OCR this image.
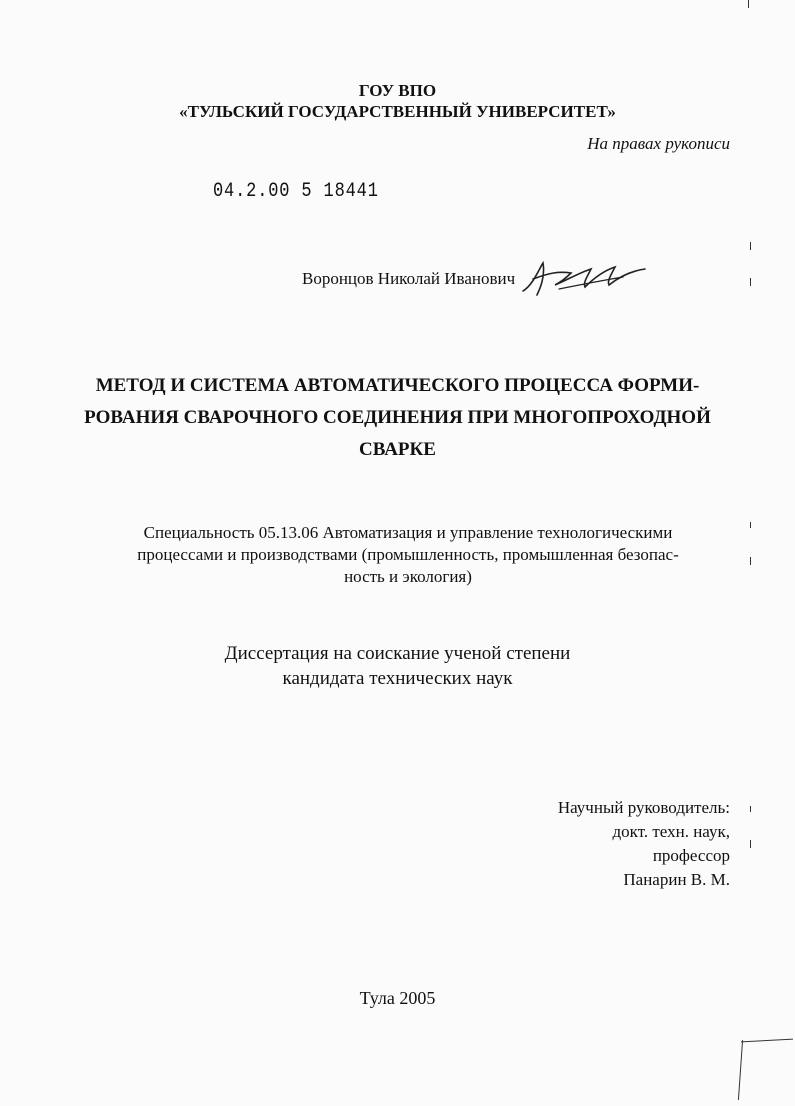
ГОУ ВПО
«ТУЛЬСКИЙ ГОСУДАРСТВЕННЫЙ УНИВЕРСИТЕТ»
На правах рукописи
04.2.00 5 18441
Воронцов Николай Иванович
МЕТОД И СИСТЕМА АВТОМАТИЧЕСКОГО ПРОЦЕССА ФОРМИ-
РОВАНИЯ СВАРОЧНОГО СОЕДИНЕНИЯ ПРИ МНОГОПРОХОДНОЙ
СВАРКЕ
Специальность 05.13.06 Автоматизация и управление технологическими
процессами и производствами (промышленность, промышленная безопас-
ность и экология)
Диссертация на соискание ученой степени
кандидата технических наук
Научный руководитель:
докт. техн. наук,
профессор
Панарин В. М.
Тула 2005
